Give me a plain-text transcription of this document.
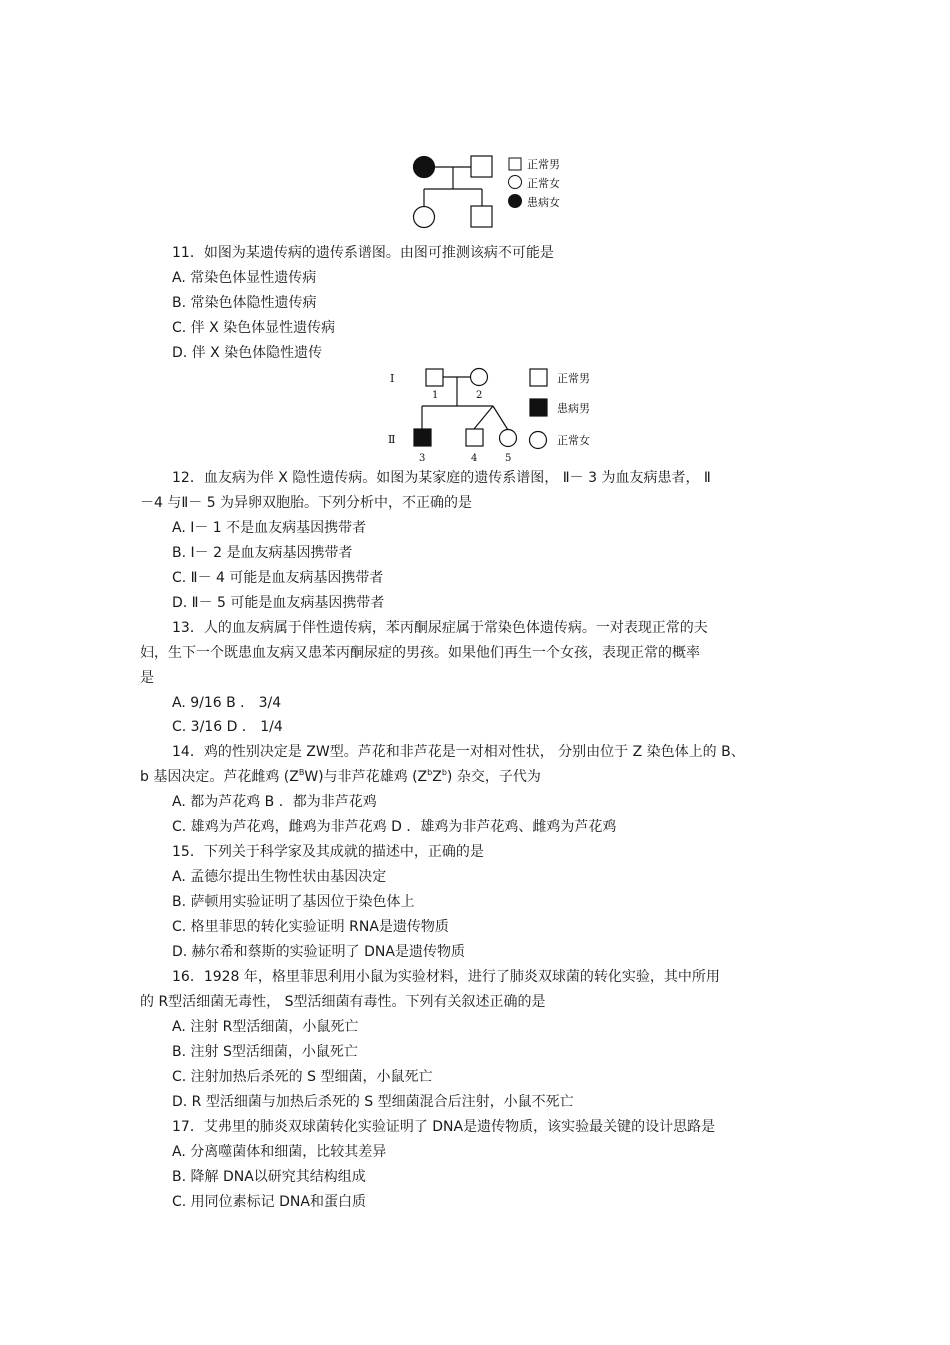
正常男
正常女
患病女
11．如图为某遗传病的遗传系谱图。由图可推测该病不可能是
A. 常染色体显性遗传病
B. 常染色体隐性遗传病
C. 伴 X 染色体显性遗传病
D. 伴 X 染色体隐性遗传
I
Ⅱ
1	2
3	4	5
正常男
患病男
正常女
12．血友病为伴 X 隐性遗传病。如图为某家庭的遗传系谱图， Ⅱ－ 3 为血友病患者， Ⅱ
－4 与Ⅱ－ 5 为异卵双胞胎。下列分析中，不正确的是
A. Ⅰ－ 1 不是血友病基因携带者
B. Ⅰ－ 2 是血友病基因携带者
C. Ⅱ－ 4 可能是血友病基因携带者
D. Ⅱ－ 5 可能是血友病基因携带者
13．人的血友病属于伴性遗传病，苯丙酮尿症属于常染色体遗传病。一对表现正常的夫
妇，生下一个既患血友病又患苯丙酮尿症的男孩。如果他们再生一个女孩，表现正常的概率
是
A. 9/16 B ． 3/4
C. 3/16 D ． 1/4
14．鸡的性别决定是 ZW型。芦花和非芦花是一对相对性状， 分别由位于 Z 染色体上的 B、
b 基因决定。芦花雌鸡 $(Z^BW)$与非芦花雄鸡 $(Z^bZ^b)$ 杂交，子代为
A. 都为芦花鸡 B ．都为非芦花鸡
C. 雄鸡为芦花鸡，雌鸡为非芦花鸡 D ．雄鸡为非芦花鸡、雌鸡为芦花鸡
15．下列关于科学家及其成就的描述中，正确的是
A. 孟德尔提出生物性状由基因决定
B. 萨顿用实验证明了基因位于染色体上
C. 格里菲思的转化实验证明 RNA是遗传物质
D. 赫尔希和蔡斯的实验证明了 DNA是遗传物质
16．1928 年，格里菲思利用小鼠为实验材料，进行了肺炎双球菌的转化实验，其中所用
的 R型活细菌无毒性， S型活细菌有毒性。下列有关叙述正确的是
A. 注射 R型活细菌，小鼠死亡
B. 注射 S型活细菌，小鼠死亡
C. 注射加热后杀死的 S 型细菌，小鼠死亡
D. R 型活细菌与加热后杀死的 S 型细菌混合后注射，小鼠不死亡
17．艾弗里的肺炎双球菌转化实验证明了 DNA是遗传物质，该实验最关键的设计思路是
A. 分离噬菌体和细菌，比较其差异
B. 降解 DNA以研究其结构组成
C. 用同位素标记 DNA和蛋白质
